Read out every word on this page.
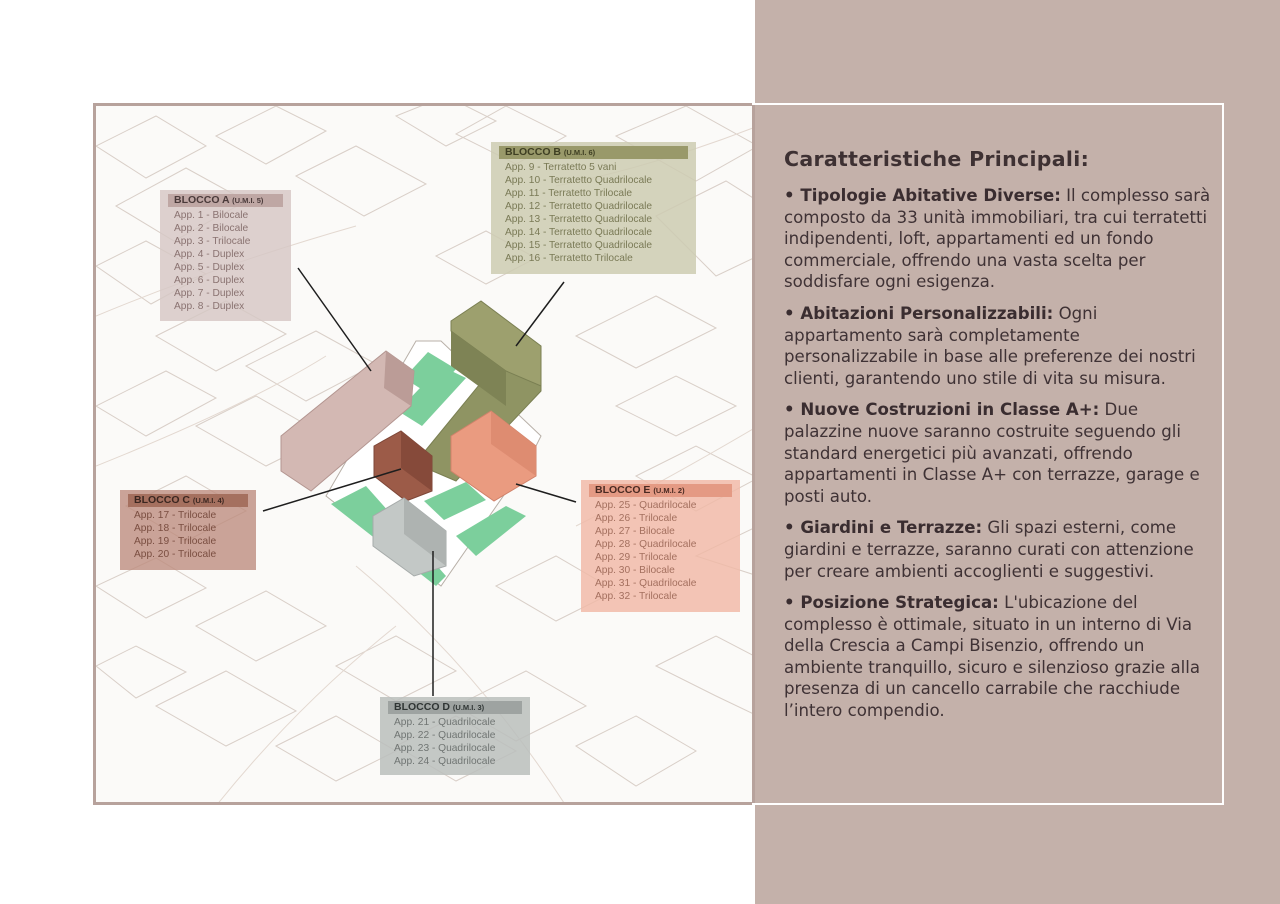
BLOCCO A (U.M.I. 5)
App. 1 - Bilocale
App. 2 - Bilocale
App. 3 - Trilocale
App. 4 - Duplex
App. 5 - Duplex
App. 6 - Duplex
App. 7 - Duplex
App. 8 - Duplex
BLOCCO B (U.M.I. 6)
App. 9 - Terratetto 5 vani
App. 10 - Terratetto Quadrilocale
App. 11 - Terratetto Trilocale
App. 12 - Terratetto Quadrilocale
App. 13 - Terratetto Quadrilocale
App. 14 - Terratetto Quadrilocale
App. 15 - Terratetto Quadrilocale
App. 16 - Terratetto Trilocale
BLOCCO C (U.M.I. 4)
App. 17 - Trilocale
App. 18 - Trilocale
App. 19 - Trilocale
App. 20 - Trilocale
BLOCCO E (U.M.I. 2)
App. 25 - Quadrilocale
App. 26 - Trilocale
App. 27 - Bilocale
App. 28 - Quadrilocale
App. 29 - Trilocale
App. 30 - Bilocale
App. 31 - Quadrilocale
App. 32 - Trilocale
BLOCCO D (U.M.I. 3)
App. 21 - Quadrilocale
App. 22 - Quadrilocale
App. 23 - Quadrilocale
App. 24 - Quadrilocale
Caratteristiche Principali:

• Tipologie Abitative Diverse: Il complesso sarà composto da 33 unità immobiliari, tra cui terratetti indipendenti, loft, appartamenti ed un fondo commerciale, offrendo una vasta scelta per soddisfare ogni esigenza.

• Abitazioni Personalizzabili: Ogni appartamento sarà completamente personalizzabile in base alle preferenze dei nostri clienti, garantendo uno stile di vita su misura.

• Nuove Costruzioni in Classe A+: Due palazzine nuove saranno costruite seguendo gli standard energetici più avanzati, offrendo appartamenti in Classe A+ con terrazze, garage e posti auto.

• Giardini e Terrazze: Gli spazi esterni, come giardini e terrazze, saranno curati con attenzione per creare ambienti accoglienti e suggestivi.

• Posizione Strategica: L'ubicazione del complesso è ottimale, situato in un interno di Via della Crescia a Campi Bisenzio, offrendo un ambiente tranquillo, sicuro e silenzioso grazie alla presenza di un cancello carrabile che racchiude l’intero compendio.
